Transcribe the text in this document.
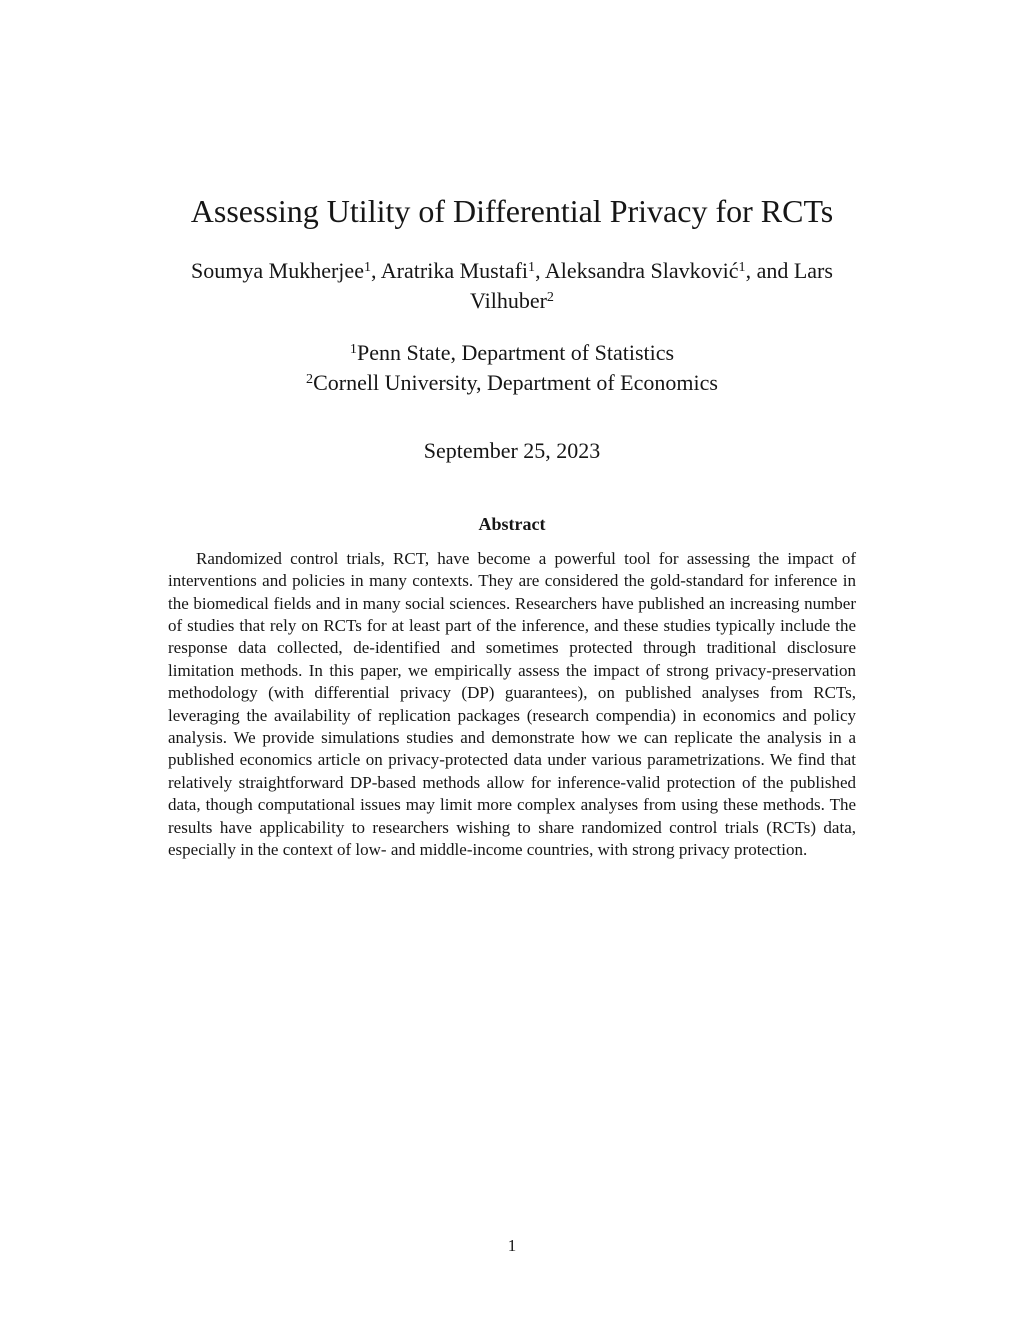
Assessing Utility of Differential Privacy for RCTs
Soumya Mukherjee$^1$, Aratrika Mustafi$^1$, Aleksandra Slavković$^1$, and Lars
Vilhuber$^2$
$^1$Penn State, Department of Statistics
$^2$Cornell University, Department of Economics
September 25, 2023
Abstract

Randomized control trials, RCT, have become a powerful tool for assessing the impact of interventions and policies in many contexts. They are considered the gold-standard for inference in the biomedical fields and in many social sciences. Researchers have published an increasing number of studies that rely on RCTs for at least part of the inference, and these studies typically include the response data collected, de-identified and sometimes protected through traditional disclosure limitation methods. In this paper, we empirically assess the impact of strong privacy-preservation methodology (with differential privacy (DP) guarantees), on published analyses from RCTs, leveraging the availability of replication packages (research compendia) in economics and policy analysis. We provide simulations studies and demonstrate how we can replicate the analysis in a published economics article on privacy-protected data under various parametrizations. We find that relatively straightforward DP-based methods allow for inference-valid protection of the published data, though computational issues may limit more complex analyses from using these methods. The results have applicability to researchers wishing to share randomized control trials (RCTs) data, especially in the context of low- and middle-income countries, with strong privacy protection.

1
